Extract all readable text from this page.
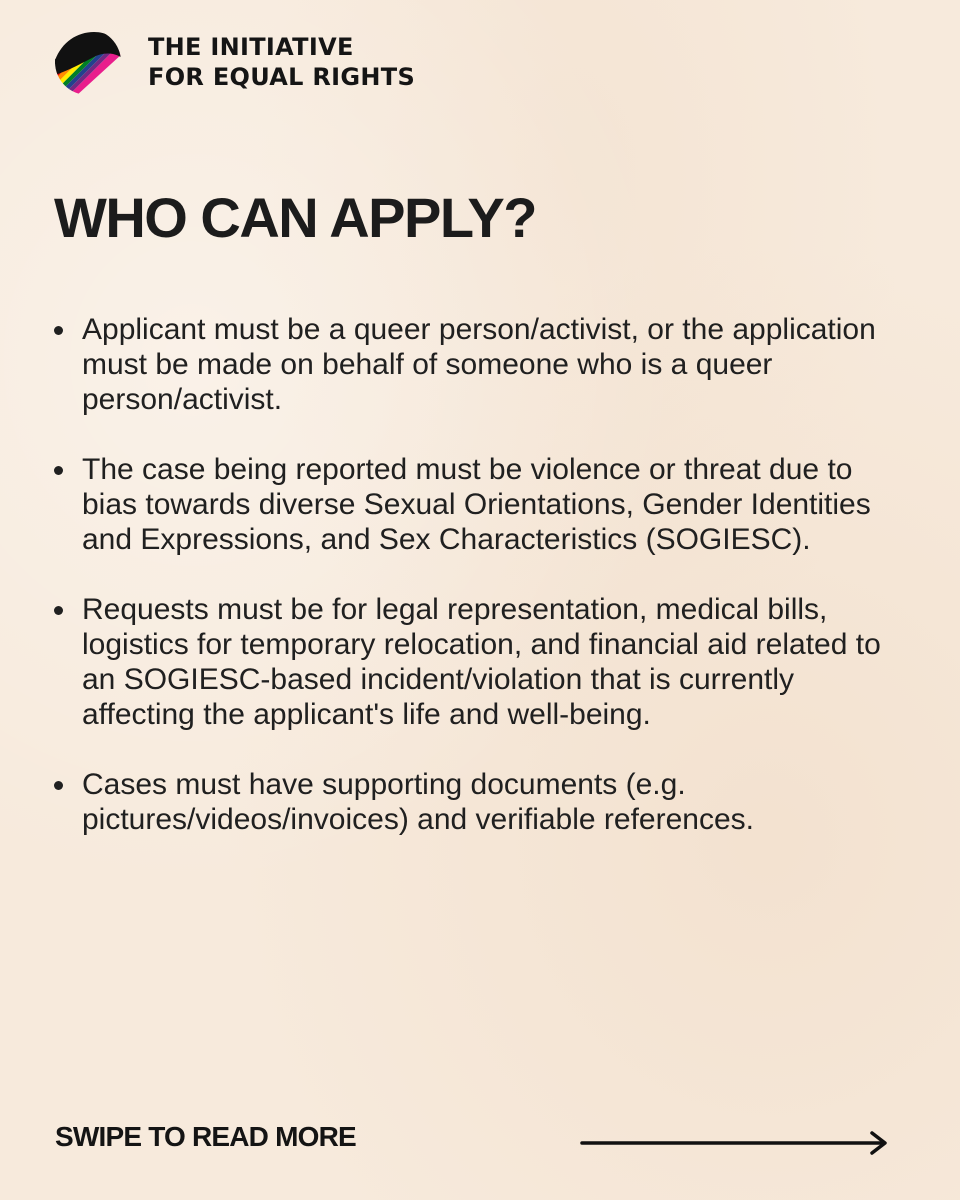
THE INITIATIVE
FOR EQUAL RIGHTS
WHO CAN APPLY?
Applicant must be a queer person/activist, or the application must be made on behalf of someone who is a queer person/activist.
The case being reported must be violence or threat due to bias towards diverse Sexual Orientations, Gender Identities and Expressions, and Sex Characteristics (SOGIESC).
Requests must be for legal representation, medical bills, logistics for temporary relocation, and financial aid related to an SOGIESC-based incident/violation that is currently affecting the applicant's life and well-being.
Cases must have supporting documents (e.g. pictures/videos/invoices) and verifiable references.
SWIPE TO READ MORE
